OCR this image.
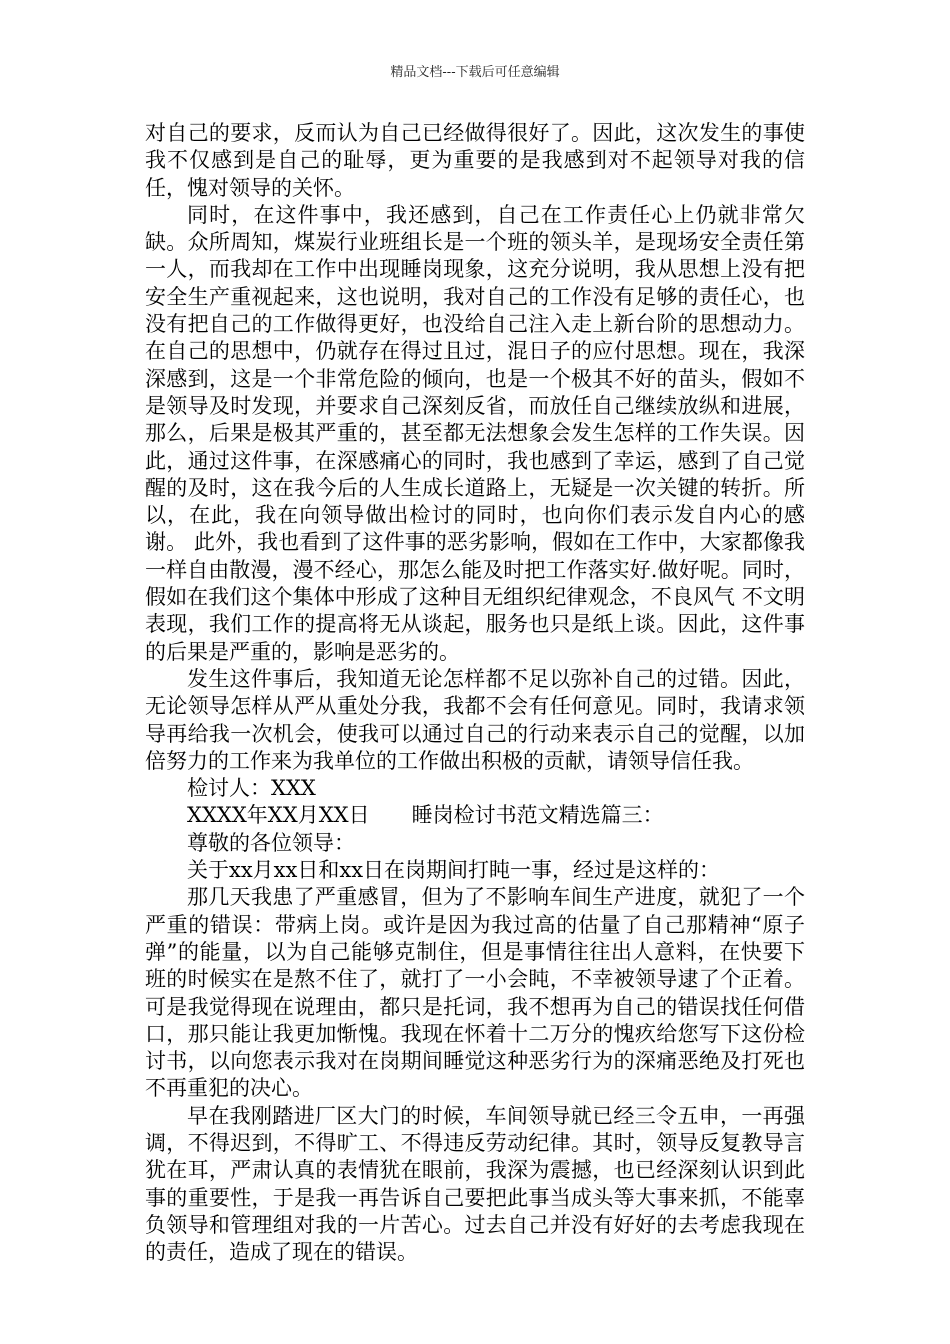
精品文档---下载后可任意编辑

对自己的要求，反而认为自己已经做得很好了。因此，这次发生的事使我不仅感到是自己的耻辱，更为重要的是我感到对不起领导对我的信任，愧对领导的关怀。

同时，在这件事中，我还感到，自己在工作责任心上仍就非常欠缺。众所周知，煤炭行业班组长是一个班的领头羊，是现场安全责任第一人，而我却在工作中出现睡岗现象，这充分说明，我从思想上没有把安全生产重视起来，这也说明，我对自己的工作没有足够的责任心，也没有把自己的工作做得更好，也没给自己注入走上新台阶的思想动力。在自己的思想中，仍就存在得过且过，混日子的应付思想。现在，我深深感到，这是一个非常危险的倾向，也是一个极其不好的苗头，假如不是领导及时发现，并要求自己深刻反省，而放任自己继续放纵和进展，那么，后果是极其严重的，甚至都无法想象会发生怎样的工作失误。因此，通过这件事，在深感痛心的同时，我也感到了幸运，感到了自己觉醒的及时，这在我今后的人生成长道路上，无疑是一次关键的转折。所以，在此，我在向领导做出检讨的同时，也向你们表示发自内心的感谢。 此外，我也看到了这件事的恶劣影响，假如在工作中，大家都像我一样自由散漫，漫不经心，那怎么能及时把工作落实好.做好呢。同时，假如在我们这个集体中形成了这种目无组织纪律观念，不良风气 不文明表现，我们工作的提高将无从谈起，服务也只是纸上谈。因此，这件事的后果是严重的，影响是恶劣的。

发生这件事后，我知道无论怎样都不足以弥补自己的过错。因此，无论领导怎样从严从重处分我，我都不会有任何意见。同时，我请求领导再给我一次机会，使我可以通过自己的行动来表示自己的觉醒，以加倍努力的工作来为我单位的工作做出积极的贡献，请领导信任我。

检讨人：XXX

XXXX年XX月XX日 睡岗检讨书范文精选篇三：

尊敬的各位领导：

关于xx月xx日和xx日在岗期间打盹一事，经过是这样的：

那几天我患了严重感冒，但为了不影响车间生产进度，就犯了一个严重的错误：带病上岗。或许是因为我过高的估量了自己那精神“原子弹”的能量，以为自己能够克制住，但是事情往往出人意料，在快要下班的时候实在是熬不住了，就打了一小会盹，不幸被领导逮了个正着。可是我觉得现在说理由，都只是托词，我不想再为自己的错误找任何借口，那只能让我更加惭愧。我现在怀着十二万分的愧疚给您写下这份检讨书，以向您表示我对在岗期间睡觉这种恶劣行为的深痛恶绝及打死也不再重犯的决心。

早在我刚踏进厂区大门的时候，车间领导就已经三令五申，一再强调，不得迟到，不得旷工、不得违反劳动纪律。其时，领导反复教导言犹在耳，严肃认真的表情犹在眼前，我深为震撼，也已经深刻认识到此事的重要性，于是我一再告诉自己要把此事当成头等大事来抓，不能辜负领导和管理组对我的一片苦心。过去自己并没有好好的去考虑我现在的责任，造成了现在的错误。
